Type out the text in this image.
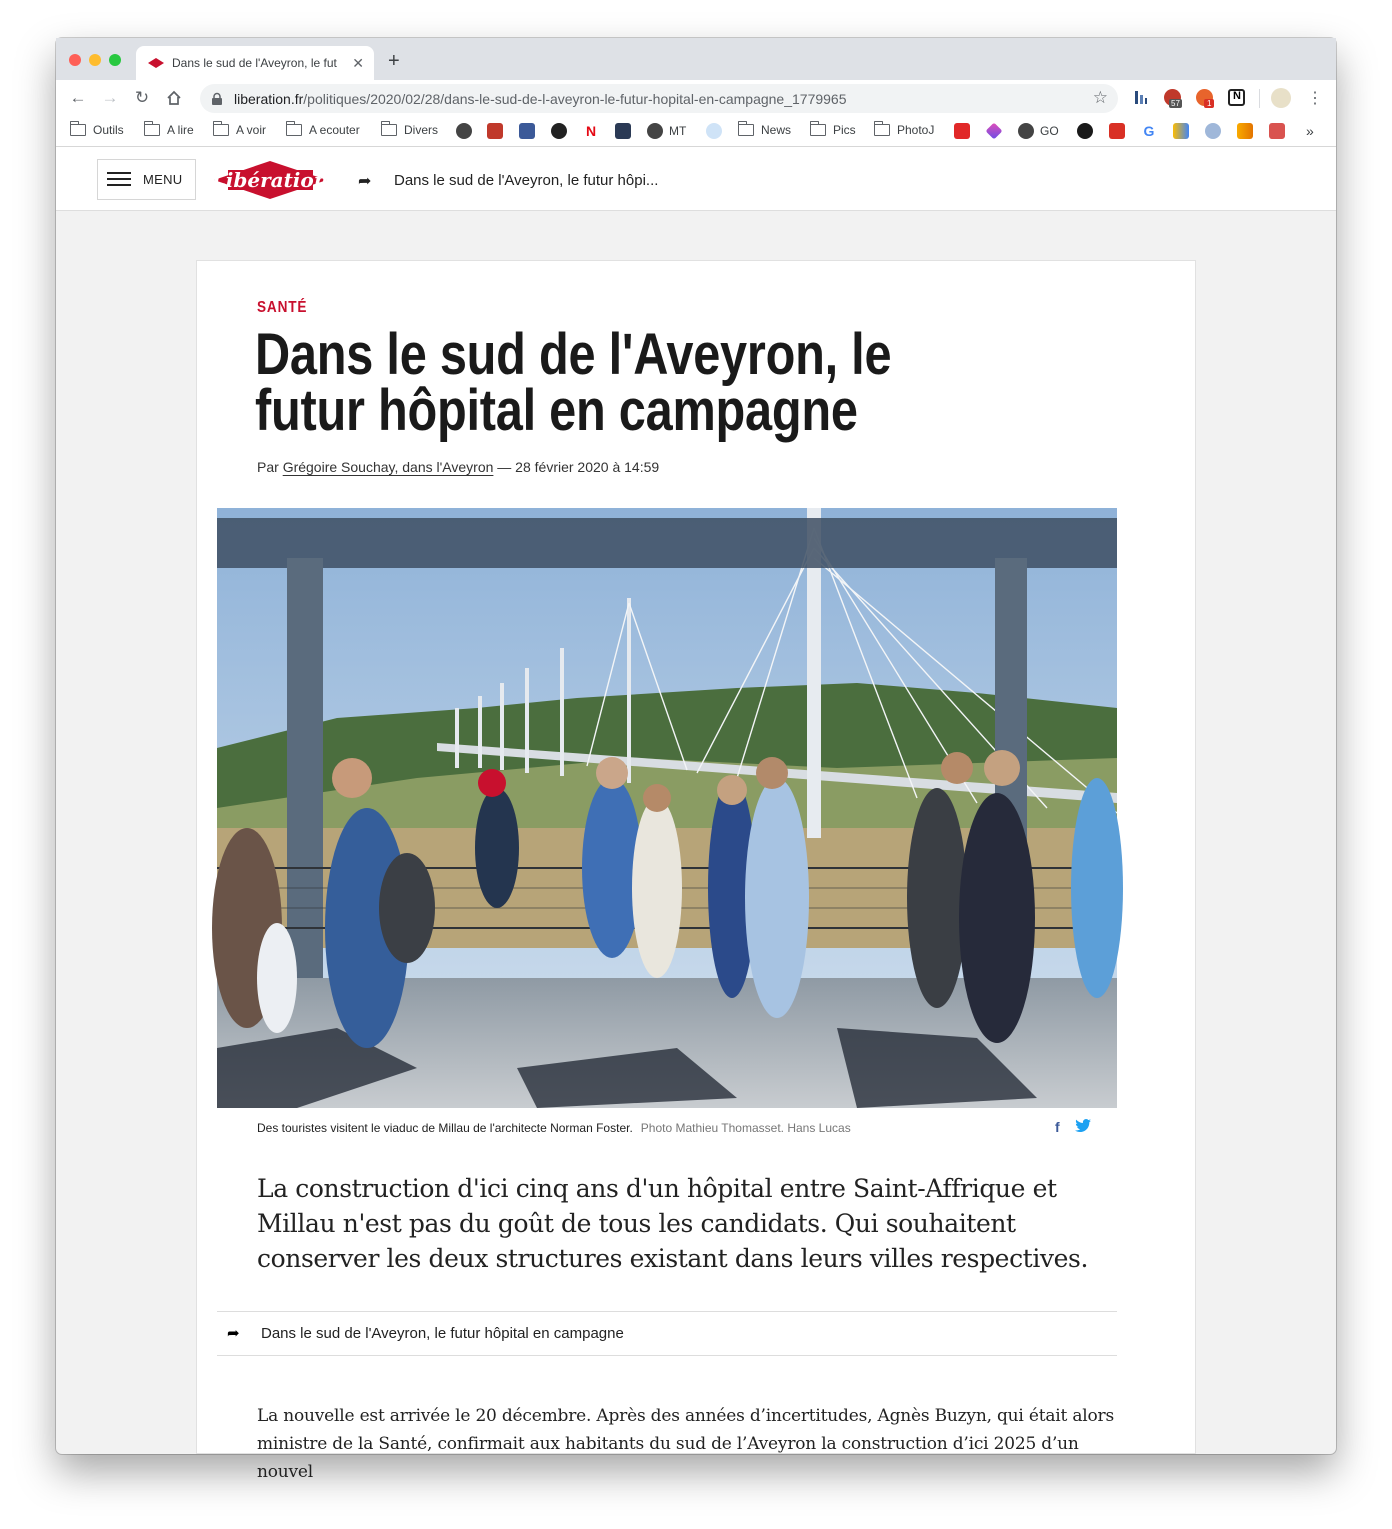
Dans le sud de l'Aveyron, le fut	✕ +
← → ↻	liberation.fr /politiques/2020/02/28/dans-le-sud-de-l-aveyron-le-futur-hopital-en-campagne_1779965	☆	57	1
N	⋮
Outils	A lire	A voir	A ecouter	Divers	N	MT	News	Pics	PhotoJ	GO	G	»
MENU Libération ➦ Dans le sud de l'Aveyron, le futur hôpi...
SANTÉ
Dans le sud de l'Aveyron, le futur hôpital en campagne
Par Grégoire Souchay, dans l'Aveyron — 28 février 2020 à 14:59
Des touristes visitent le viaduc de Millau de l'architecte Norman Foster. Photo Mathieu Thomasset. Hans Lucas	f

La construction d'ici cinq ans d'un hôpital entre Saint-Affrique et Millau n'est pas du goût de tous les candidats. Qui souhaitent conserver les deux structures existant dans leurs villes respectives.

➦ Dans le sud de l'Aveyron, le futur hôpital en campagne

La nouvelle est arrivée le 20 décembre. Après des années d’incertitudes, Agnès Buzyn, qui était alors ministre de la Santé, confirmait aux habitants du sud de l’Aveyron la construction d’ici 2025 d’un nouvel
